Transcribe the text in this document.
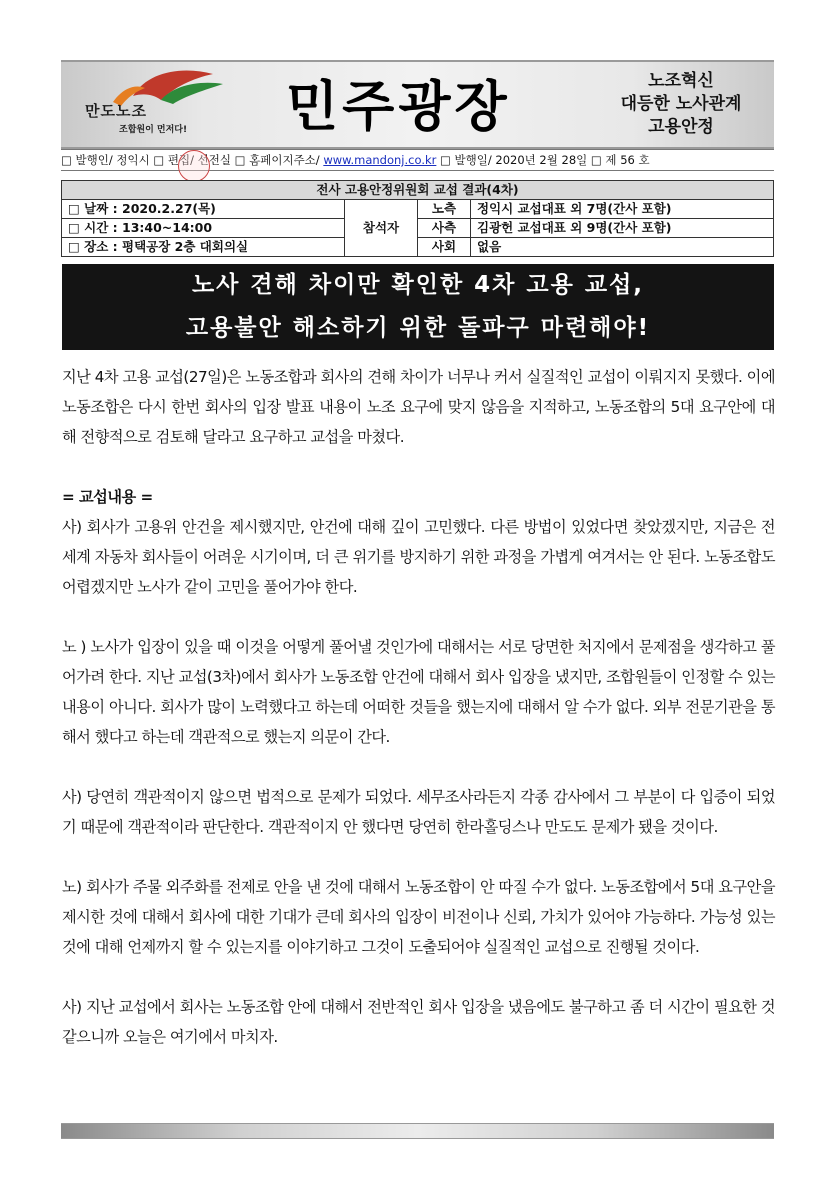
만도노조
조합원이 먼저다! 민주광장	노조혁신
대등한 노사관계
고용안정
□ 발행인/ 정익시 □ 편집/ 선전실 □ 홈페이지주소/ www.mandonj.co.kr □ 발행일/ 2020년 2월 28일 □ 제 56 호
전사 고용안정위원회 교섭 결과(4차)			
□ 날짜 : 2020.2.27(목)	참석자	노측	정익시 교섭대표 외 7명(간사 포함)
□ 시간 : 13:40~14:00		사측	김광헌 교섭대표 외 9명(간사 포함)
□ 장소 : 평택공장 2층 대회의실		사회	없음
노사 견해 차이만 확인한 4차 고용 교섭,
고용불안 해소하기 위한 돌파구 마련해야!

지난 4차 고용 교섭(27일)은 노동조합과 회사의 견해 차이가 너무나 커서 실질적인 교섭이 이뤄지지 못했다. 이에 노동조합은 다시 한번 회사의 입장 발표 내용이 노조 요구에 맞지 않음을 지적하고, 노동조합의 5대 요구안에 대해 전향적으로 검토해 달라고 요구하고 교섭을 마쳤다.

= 교섭내용 =

사) 회사가 고용위 안건을 제시했지만, 안건에 대해 깊이 고민했다. 다른 방법이 있었다면 찾았겠지만, 지금은 전 세계 자동차 회사들이 어려운 시기이며, 더 큰 위기를 방지하기 위한 과정을 가볍게 여겨서는 안 된다. 노동조합도 어렵겠지만 노사가 같이 고민을 풀어가야 한다.

노 ) 노사가 입장이 있을 때 이것을 어떻게 풀어낼 것인가에 대해서는 서로 당면한 처지에서 문제점을 생각하고 풀어가려 한다. 지난 교섭(3차)에서 회사가 노동조합 안건에 대해서 회사 입장을 냈지만, 조합원들이 인정할 수 있는 내용이 아니다. 회사가 많이 노력했다고 하는데 어떠한 것들을 했는지에 대해서 알 수가 없다. 외부 전문기관을 통해서 했다고 하는데 객관적으로 했는지 의문이 간다.

사) 당연히 객관적이지 않으면 법적으로 문제가 되었다. 세무조사라든지 각종 감사에서 그 부분이 다 입증이 되었기 때문에 객관적이라 판단한다. 객관적이지 안 했다면 당연히 한라홀딩스나 만도도 문제가 됐을 것이다.

노) 회사가 주물 외주화를 전제로 안을 낸 것에 대해서 노동조합이 안 따질 수가 없다. 노동조합에서 5대 요구안을 제시한 것에 대해서 회사에 대한 기대가 큰데 회사의 입장이 비전이나 신뢰, 가치가 있어야 가능하다. 가능성 있는 것에 대해 언제까지 할 수 있는지를 이야기하고 그것이 도출되어야 실질적인 교섭으로 진행될 것이다.

사) 지난 교섭에서 회사는 노동조합 안에 대해서 전반적인 회사 입장을 냈음에도 불구하고 좀 더 시간이 필요한 것 같으니까 오늘은 여기에서 마치자.
